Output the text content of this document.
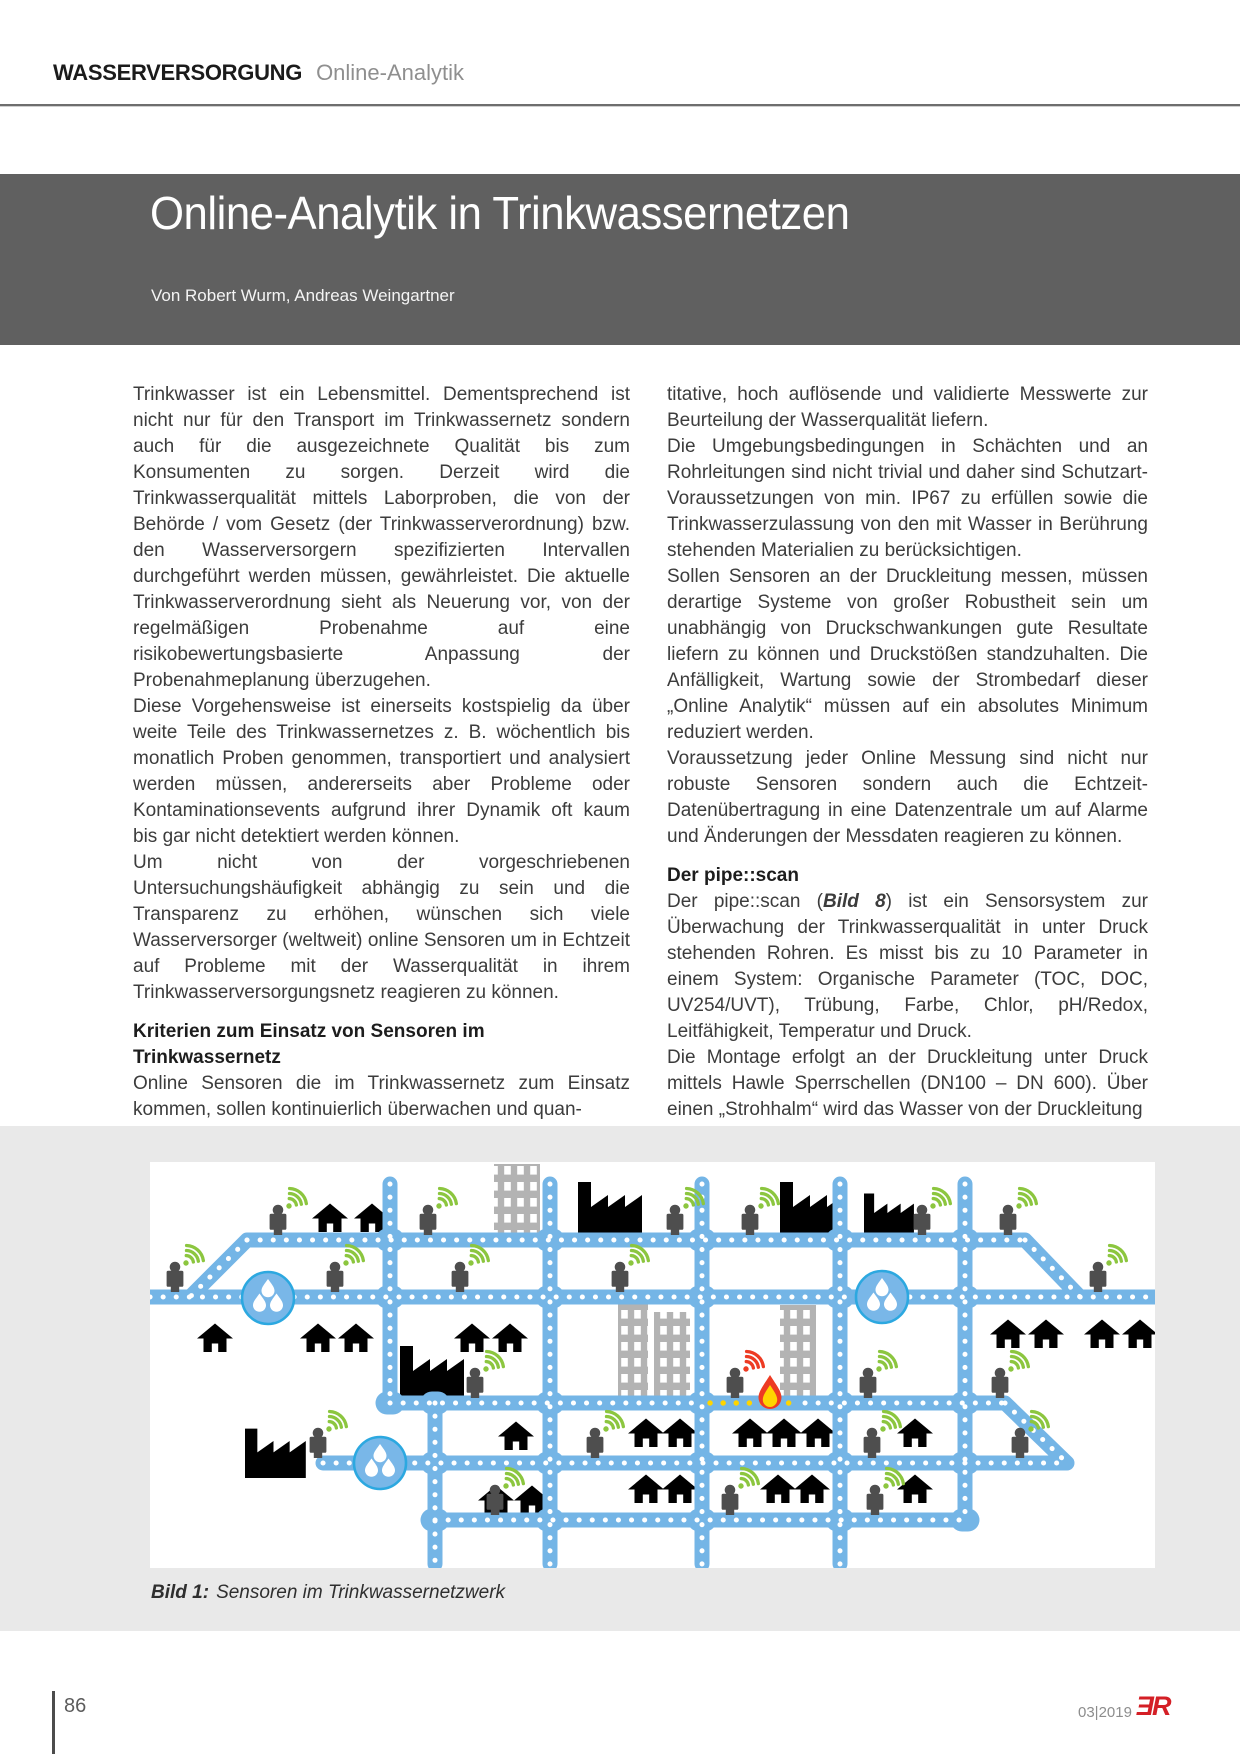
WASSERVERSORGUNG Online-Analytik
Online-Analytik in Trinkwassernetzen
Von Robert Wurm, Andreas Weingartner

Trinkwasser ist ein Lebensmittel. Dementsprechend ist nicht nur für den Transport im Trinkwassernetz sondern auch für die ausgezeichnete Qualität bis zum Konsumenten zu sorgen. Derzeit wird die Trinkwasserqualität mittels Laborproben, die von der Behörde / vom Gesetz (der Trinkwasserverordnung) bzw. den Wasserversorgern spezifizierten Intervallen durchgeführt werden müssen, gewährleistet. Die aktuelle Trinkwasserverordnung sieht als Neuerung vor, von der regelmäßigen Probenahme auf eine risikobewertungsbasierte Anpassung der Probenahmeplanung überzugehen.

Diese Vorgehensweise ist einerseits kostspielig da über weite Teile des Trinkwassernetzes z. B. wöchentlich bis monatlich Proben genommen, transportiert und analysiert werden müssen, andererseits aber Probleme oder Kontaminationsevents aufgrund ihrer Dynamik oft kaum bis gar nicht detektiert werden können.

Um nicht von der vorgeschriebenen Untersuchungshäufigkeit abhängig zu sein und die Transparenz zu erhöhen, wünschen sich viele Wasserversorger (weltweit) online Sensoren um in Echtzeit auf Probleme mit der Wasserqualität in ihrem Trinkwasserversorgungsnetz reagieren zu können.

Kriterien zum Einsatz von Sensoren im Trinkwassernetz

Online Sensoren die im Trinkwassernetz zum Einsatz kommen, sollen kontinuierlich überwachen und quan-

titative, hoch auflösende und validierte Messwerte zur Beurteilung der Wasserqualität liefern.

Die Umgebungsbedingungen in Schächten und an Rohrleitungen sind nicht trivial und daher sind Schutzart-Voraussetzungen von min. IP67 zu erfüllen sowie die Trinkwasserzulassung von den mit Wasser in Berührung stehenden Materialien zu berücksichtigen.

Sollen Sensoren an der Druckleitung messen, müssen derartige Systeme von großer Robustheit sein um unabhängig von Druckschwankungen gute Resultate liefern zu können und Druckstößen standzuhalten. Die Anfälligkeit, Wartung sowie der Strombedarf dieser „Online Analytik“ müssen auf ein absolutes Minimum reduziert werden.

Voraussetzung jeder Online Messung sind nicht nur robuste Sensoren sondern auch die Echtzeit-Datenübertragung in eine Datenzentrale um auf Alarme und Änderungen der Messdaten reagieren zu können.

Der pipe::scan

Der pipe::scan (Bild 8) ist ein Sensorsystem zur Überwachung der Trinkwasserqualität in unter Druck stehenden Rohren. Es misst bis zu 10 Parameter in einem System: Organische Parameter (TOC, DOC, UV254/UVT), Trübung, Farbe, Chlor, pH/Redox, Leitfähigkeit, Temperatur und Druck.

Die Montage erfolgt an der Druckleitung unter Druck mittels Hawle Sperrschellen (DN100 – DN 600). Über einen „Strohhalm“ wird das Wasser von der Druckleitung

Bild 1: Sensoren im Trinkwassernetzwerk
86	03|2019 ƎR
